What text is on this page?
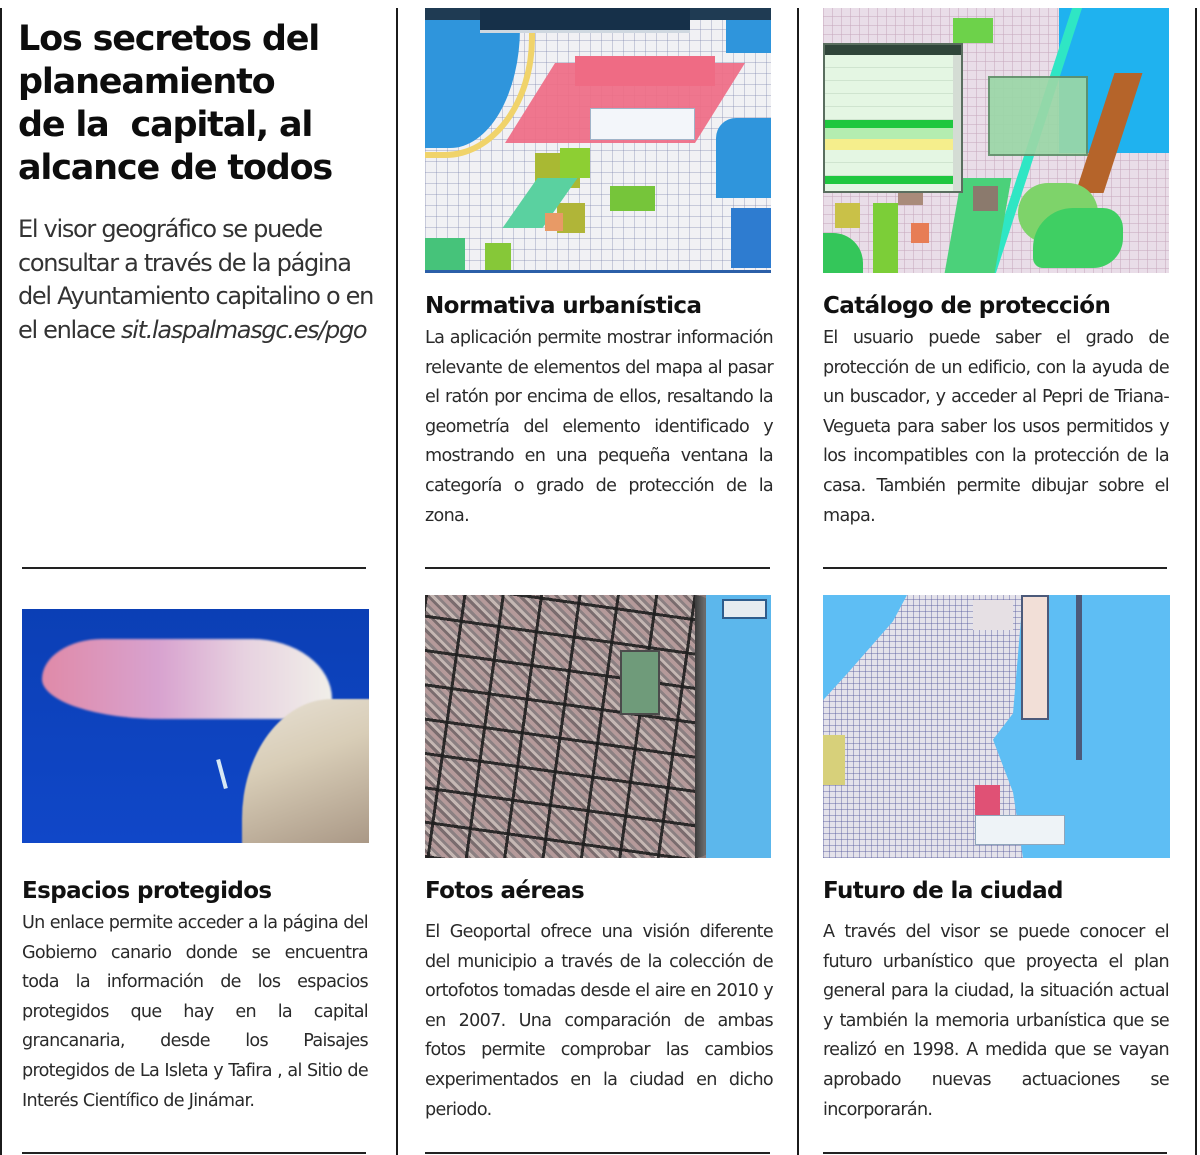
Los secretos del
planeamiento
de la  capital, al
alcance de todos

El visor geográfico se puede consultar a través de la página del Ayuntamiento capitalino o en el enlace sit.laspalmasgc.es/pgo

Normativa urbanística

La aplicación permite mostrar información relevante de elementos del mapa al pasar el ratón por encima de ellos, resaltando la geometría del elemento identificado y mostrando en una pequeña ventana la categoría o grado de protección de la zona.

Catálogo de protección

El usuario puede saber el grado de protección de un edificio, con la ayuda de un buscador, y acceder al Pepri de Triana-Vegueta para saber los usos permitidos y los incompatibles con la protección de la casa. También permite dibujar sobre el mapa.

Espacios protegidos

Un enlace permite acceder a la página del Gobierno canario donde se encuentra toda la información de los espacios protegidos que hay en la capital grancanaria, desde los Paisajes protegidos de La Isleta y Tafira , al Sitio de Interés Científico de Jinámar.

Fotos aéreas

El Geoportal ofrece una visión diferente del municipio a través de la colección de ortofotos tomadas desde el aire en 2010 y en 2007. Una comparación de ambas fotos permite comprobar las cambios experimentados en la ciudad en dicho periodo.

Futuro de la ciudad

A través del visor se puede conocer el futuro urbanístico que proyecta el plan general para la ciudad, la situación actual y también la memoria urbanística que se realizó en 1998. A medida que se vayan aprobado nuevas actuaciones se incorporarán.
